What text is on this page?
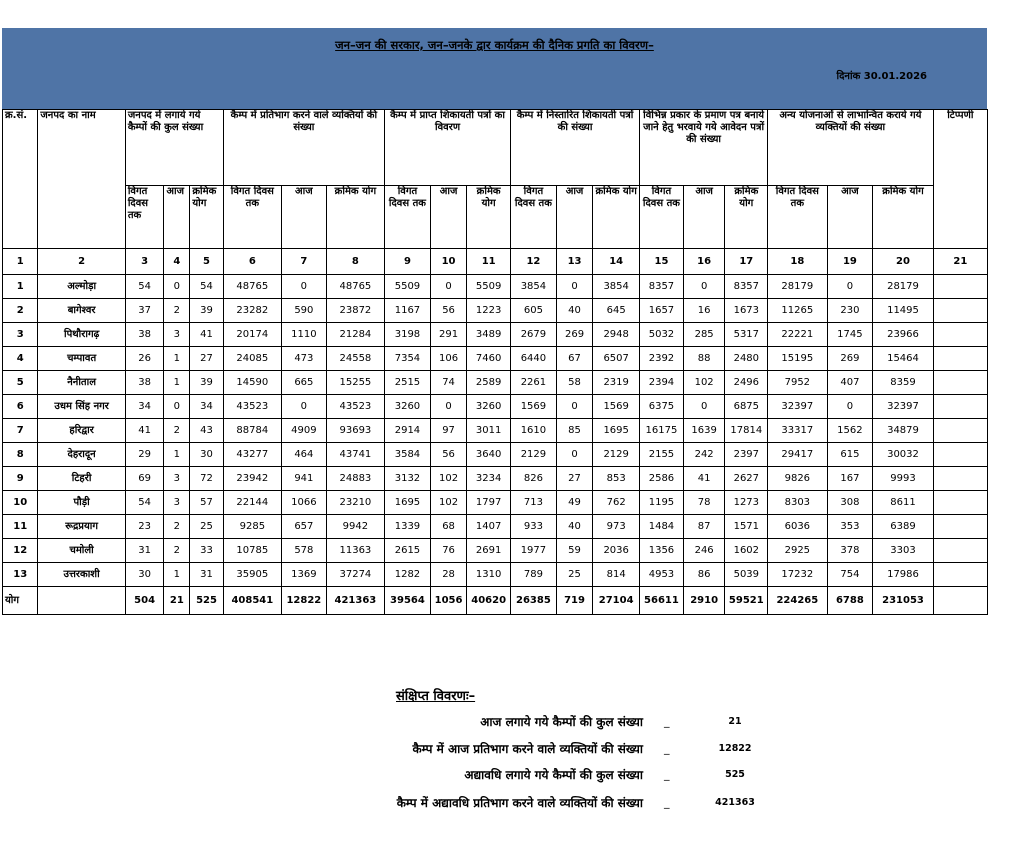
जन–जन की सरकार, जन–जनके द्वार कार्यक्रम की दैनिक प्रगति का विवरण–
दिनांक 30.01.2026
क्र.सं.	जनपद का नाम	जनपद में लगाये गये कैम्पों की कुल संख्या			कैम्प में प्रतिभाग करने वाले व्यक्तियों की संख्या			कैम्प में प्राप्त शिकायती पत्रों का विवरण			कैम्प में निस्तारित शिकायती पत्रों की संख्या			विभिन्न प्रकार के प्रमाण पत्र बनाये जाने हेतु भरवाये गये आवेदन पत्रों की संख्या			अन्य योजनाओं से लाभान्वित कराये गये व्यक्तियों की संख्या			टिप्पणी
		विगत दिवस तक	आज	क्रमिक योग	विगत दिवस तक	आज	क्रमिक योग	विगत दिवस तक	आज	क्रमिक योग	विगत दिवस तक	आज	क्रमिक योग	विगत दिवस तक	आज	क्रमिक योग	विगत दिवस तक	आज	क्रमिक योग	
1	2	3	4	5	6	7	8	9	10	11	12	13	14	15	16	17	18	19	20	21
1	अल्मोड़ा	54	0	54	48765	0	48765	5509	0	5509	3854	0	3854	8357	0	8357	28179	0	28179	
2	बागेश्वर	37	2	39	23282	590	23872	1167	56	1223	605	40	645	1657	16	1673	11265	230	11495	
3	पिथौरागढ़	38	3	41	20174	1110	21284	3198	291	3489	2679	269	2948	5032	285	5317	22221	1745	23966	
4	चम्पावत	26	1	27	24085	473	24558	7354	106	7460	6440	67	6507	2392	88	2480	15195	269	15464	
5	नैनीताल	38	1	39	14590	665	15255	2515	74	2589	2261	58	2319	2394	102	2496	7952	407	8359	
6	उधम सिंह नगर	34	0	34	43523	0	43523	3260	0	3260	1569	0	1569	6375	0	6875	32397	0	32397	
7	हरिद्वार	41	2	43	88784	4909	93693	2914	97	3011	1610	85	1695	16175	1639	17814	33317	1562	34879	
8	देहरादून	29	1	30	43277	464	43741	3584	56	3640	2129	0	2129	2155	242	2397	29417	615	30032	
9	टिहरी	69	3	72	23942	941	24883	3132	102	3234	826	27	853	2586	41	2627	9826	167	9993	
10	पौड़ी	54	3	57	22144	1066	23210	1695	102	1797	713	49	762	1195	78	1273	8303	308	8611	
11	रूद्रप्रयाग	23	2	25	9285	657	9942	1339	68	1407	933	40	973	1484	87	1571	6036	353	6389	
12	चमोली	31	2	33	10785	578	11363	2615	76	2691	1977	59	2036	1356	246	1602	2925	378	3303	
13	उत्तरकाशी	30	1	31	35905	1369	37274	1282	28	1310	789	25	814	4953	86	5039	17232	754	17986	
योग		504	21	525	408541	12822	421363	39564	1056	40620	26385	719	27104	56611	2910	59521	224265	6788	231053	
संक्षिप्त विवरणः–
आज लगाये गये कैम्पों की कुल संख्या _	21
कैम्प में आज प्रतिभाग करने वाले व्यक्तियों की संख्या _	12822
अद्यावधि लगाये गये कैम्पों की कुल संख्या _	525
कैम्प में अद्यावधि प्रतिभाग करने वाले व्यक्तियों की संख्या _	421363
